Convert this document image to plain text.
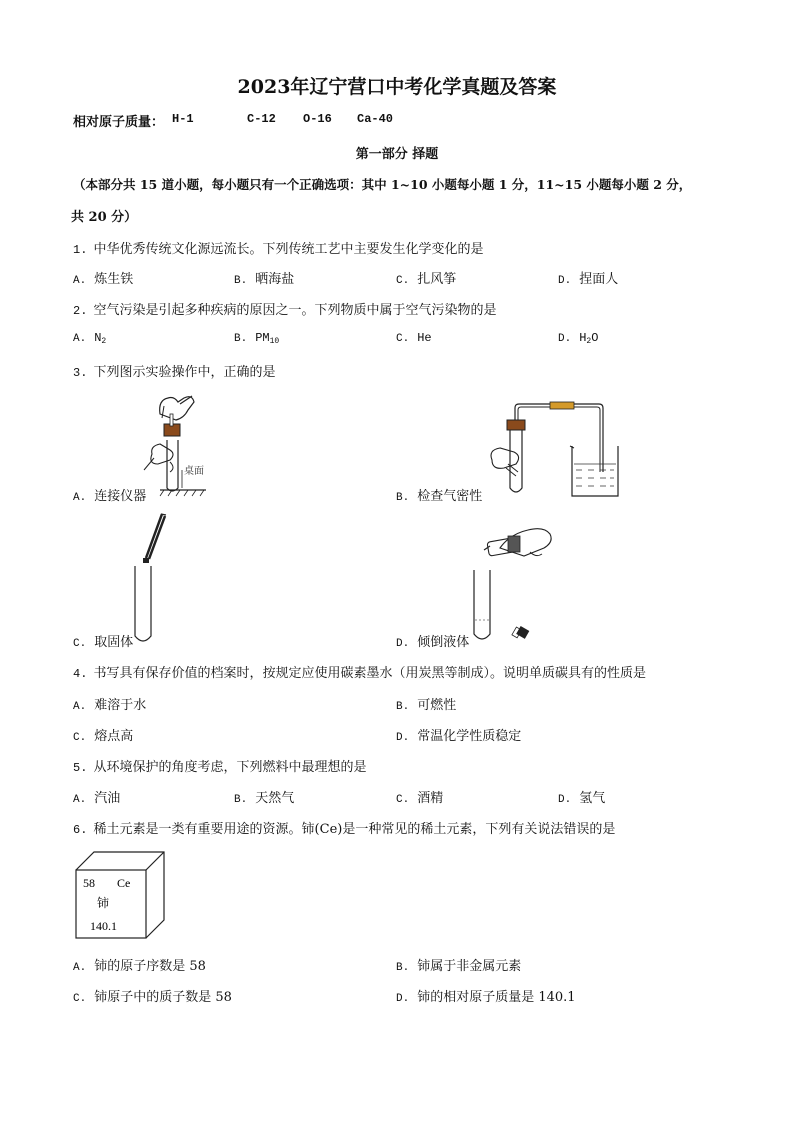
2023年辽宁营口中考化学真题及答案
相对原子质量： H-1	C-12 O-16 Ca-40
第一部分 择题
（本部分共 15 道小题，每小题只有一个正确选项：其中 1~10 小题每小题 1 分，11~15 小题每小题 2 分，
共 20 分）
1. 中华优秀传统文化源远流长。下列传统工艺中主要发生化学变化的是
A. 炼生铁	B. 晒海盐	C. 扎风筝	D. 捏面人
2. 空气污染是引起多种疾病的原因之一。下列物质中属于空气污染物的是
A. $N_2$	B. $PM_{10}$	C. He	D. $H_2O$
3. 下列图示实验操作中，正确的是
桌面
A. 连接仪器	B. 检查气密性
C. 取固体	D. 倾倒液体
4. 书写具有保存价值的档案时，按规定应使用碳素墨水（用炭黑等制成）。说明单质碳具有的性质是
A. 难溶于水	B. 可燃性
C. 熔点高	D. 常温化学性质稳定
5. 从环境保护的角度考虑，下列燃料中最理想的是
A. 汽油	B. 天然气	C. 酒精	D. 氢气
6. 稀土元素是一类有重要用途的资源。铈(Ce)是一种常见的稀土元素，下列有关说法错误的是
58 Ce
铈
140.1
A. 铈的原子序数是 58	B. 铈属于非金属元素
C. 铈原子中的质子数是 58	D. 铈的相对原子质量是 140.1
